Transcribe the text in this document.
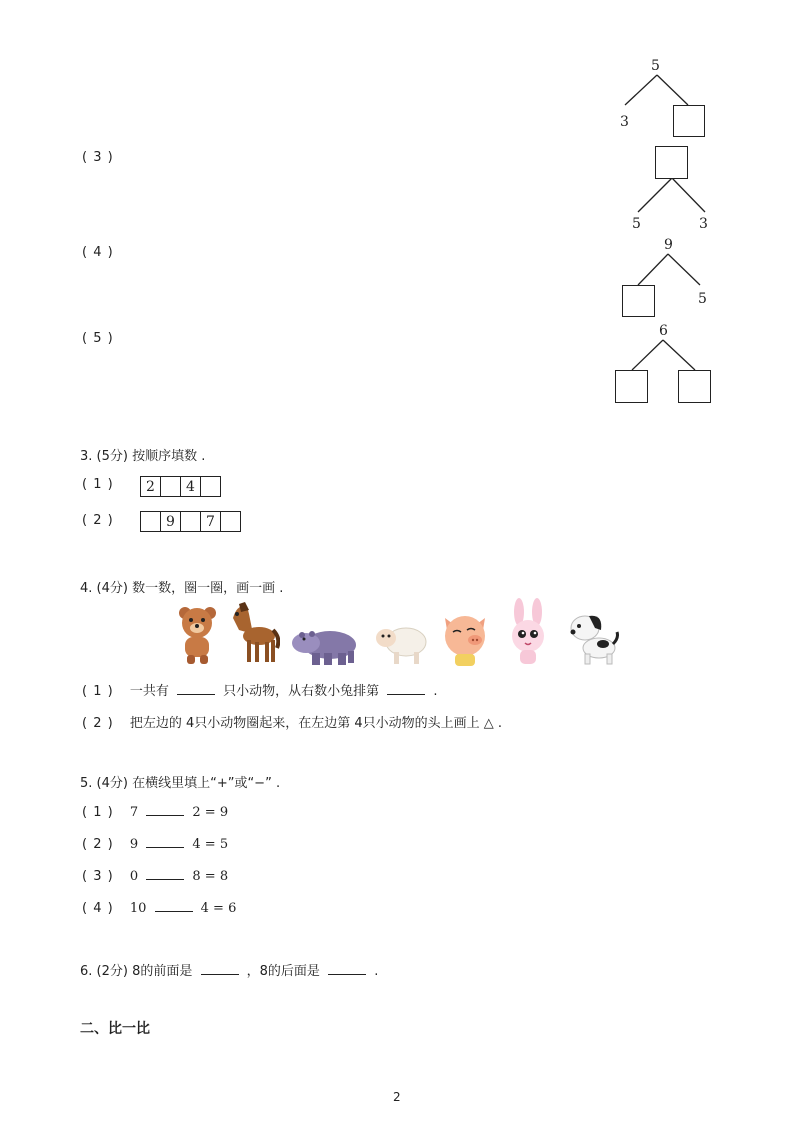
5
3
( 3 )
5	3
( 4 )	9
5
( 5 )	6
3. (5分) 按顺序填数 .
( 1 )	2	4
( 2 )	9	7
4. (4分) 数一数，圈一圈，画一画 .
( 1 ) 一共有	只小动物，从右数小兔排第	.
( 2 ) 把左边的 4只小动物圈起来，在左边第 4只小动物的头上画上 △ .
5. (4分) 在横线里填上“+”或“−” .
( 1 ) 7	2 = 9
( 2 ) 9	4 = 5
( 3 ) 0	8 = 8
( 4 ) 10	4 = 6
6. (2分) 8的前面是	，8的后面是	.
二、比一比
2
